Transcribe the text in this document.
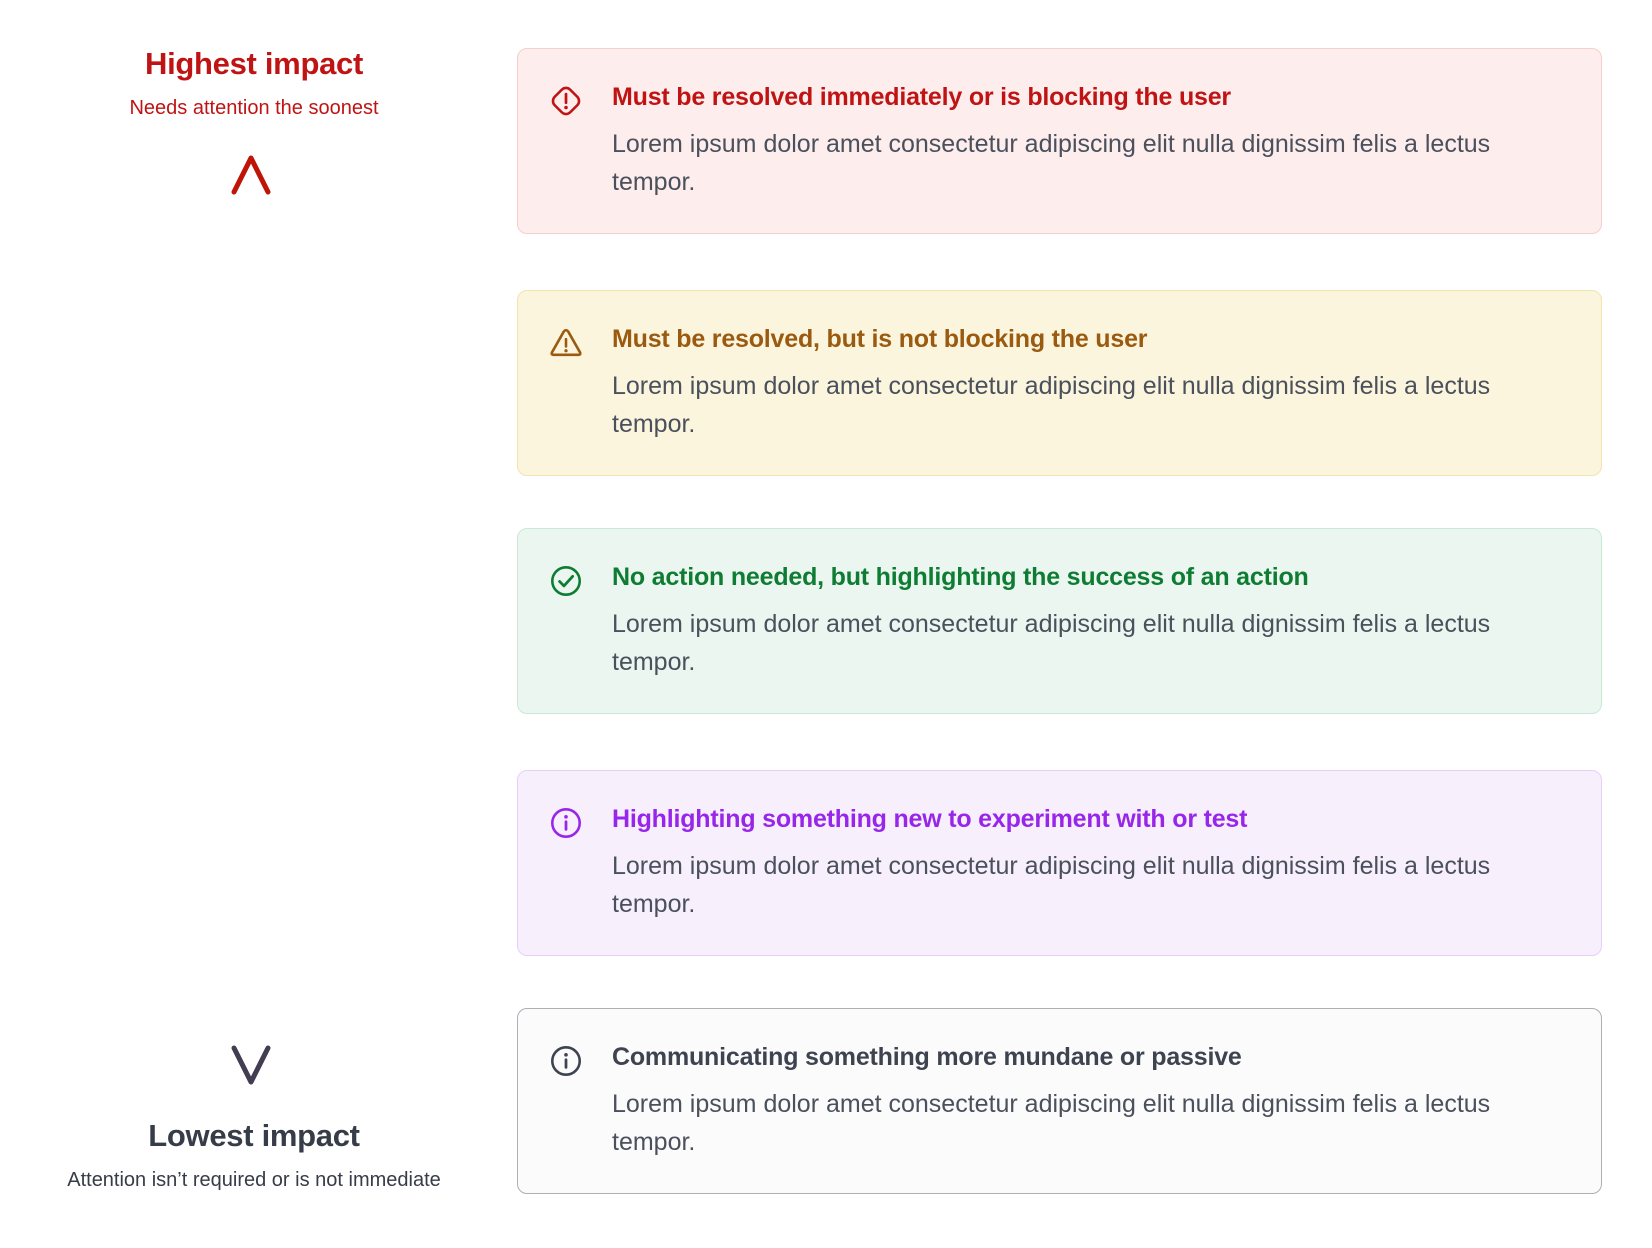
Highest impact
Needs attention the soonest
Lowest impact
Attention isn’t required or is not immediate
Must be resolved immediately or is blocking the user
Lorem ipsum dolor amet consectetur adipiscing elit nulla dignissim felis a lectus tempor.
Must be resolved, but is not blocking the user
Lorem ipsum dolor amet consectetur adipiscing elit nulla dignissim felis a lectus tempor.
No action needed, but highlighting the success of an action
Lorem ipsum dolor amet consectetur adipiscing elit nulla dignissim felis a lectus tempor.
Highlighting something new to experiment with or test
Lorem ipsum dolor amet consectetur adipiscing elit nulla dignissim felis a lectus tempor.
Communicating something more mundane or passive
Lorem ipsum dolor amet consectetur adipiscing elit nulla dignissim felis a lectus tempor.
